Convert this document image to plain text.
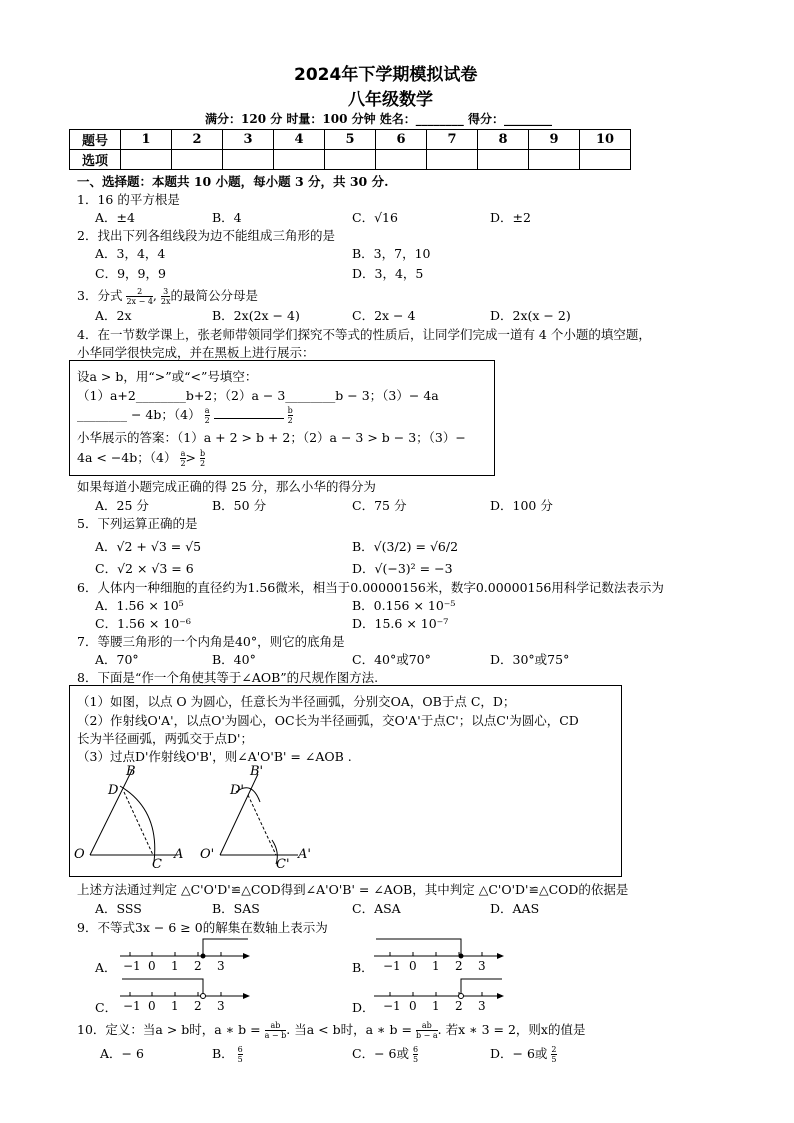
2024年下学期模拟试卷
八年级数学
满分：120 分 时量：100 分钟 姓名：________ 得分：________
题号	1	2	3	4	5	6	7	8	9	10
选项										
一、选择题：本题共 10 小题，每小题 3 分，共 30 分.
1．16 的平方根是
A．±4	B．4	C．√16	D．±2
2．找出下列各组线段为边不能组成三角形的是
A．3，4，4	B．3，7，10
C．9，9，9	D．3，4，5
3．分式 $\frac{2}{2x - 4}$ , $\frac{3}{2x}$ 的最简公分母是
A．2x	B．2x(2x − 4)	C．2x − 4	D．2x(x − 2)
4．在一节数学课上，张老师带领同学们探究不等式的性质后，让同学们完成一道有 4 个小题的填空题，
小华同学很快完成，并在黑板上进行展示：
设a > b，用“>”或“<”号填空：
（1）a+2________b+2；（2）a − 3________b − 3；（3）− 4a
________ − 4b；$(4) \frac{a}{2}$
	$\frac{b}{2}$
小华展示的答案：（1）a + 2 > b + 2；（2）a − 3 > b − 3；（3）−
4a < −4b；$(4) \frac{a}{2} > \frac{b}{2}$
如果每道小题完成正确的得 25 分，那么小华的得分为
A．25 分	B．50 分	C．75 分	D．100 分
5．下列运算正确的是
A．√2 + √3 = √5	B．√(3/2) = √6/2
C．√2 × √3 = 6	D．√(−3)² = −3
6．人体内一种细胞的直径约为1.56微米，相当于0.00000156米，数字0.00000156用科学记数法表示为
A．1.56 × 10⁵	B．0.156 × 10⁻⁵
C．1.56 × 10⁻⁶	D．15.6 × 10⁻⁷
7．等腰三角形的一个内角是40°，则它的底角是
A．70°	B．40°	C．40°或70°	D．30°或75°
8．下面是“作一个角使其等于∠AOB”的尺规作图方法.
（1）如图，以点 O 为圆心，任意长为半径画弧，分别交OA，OB于点 C，D；
（2）作射线O'A'，以点O'为圆心，OC长为半径画弧，交O'A'于点C'；以点C'为圆心，CD
长为半径画弧，两弧交于点D'；
（3）过点D'作射线O'B'，则∠A'O'B' = ∠AOB .
O	A
B
D
C
O'	A'
B'
D'
C'
上述方法通过判定 △C'O'D'≌△COD得到∠A'O'B' = ∠AOB，其中判定 △C'O'D'≌△COD的依据是
A．SSS	B．SAS	C．ASA	D．AAS
9．不等式3x − 6 ≥ 0的解集在数轴上表示为
A．	B．
C．	D．
−1 0 1 2 3	−1 0 1 2 3
−1 0 1 2 3	−1 0 1 2 3
10．定义：当a > b时，a ∗ $b = \frac{ab}{a - b}$ . 当a < b时，a ∗ $b = \frac{ab}{b - a}$ . 若x ∗ 3 = 2，则x的值是
A．− 6	B． $\frac{6}{5}$	C．− 6或 $\frac{6}{5}$	D．− 6或 $\frac{2}{5}$
